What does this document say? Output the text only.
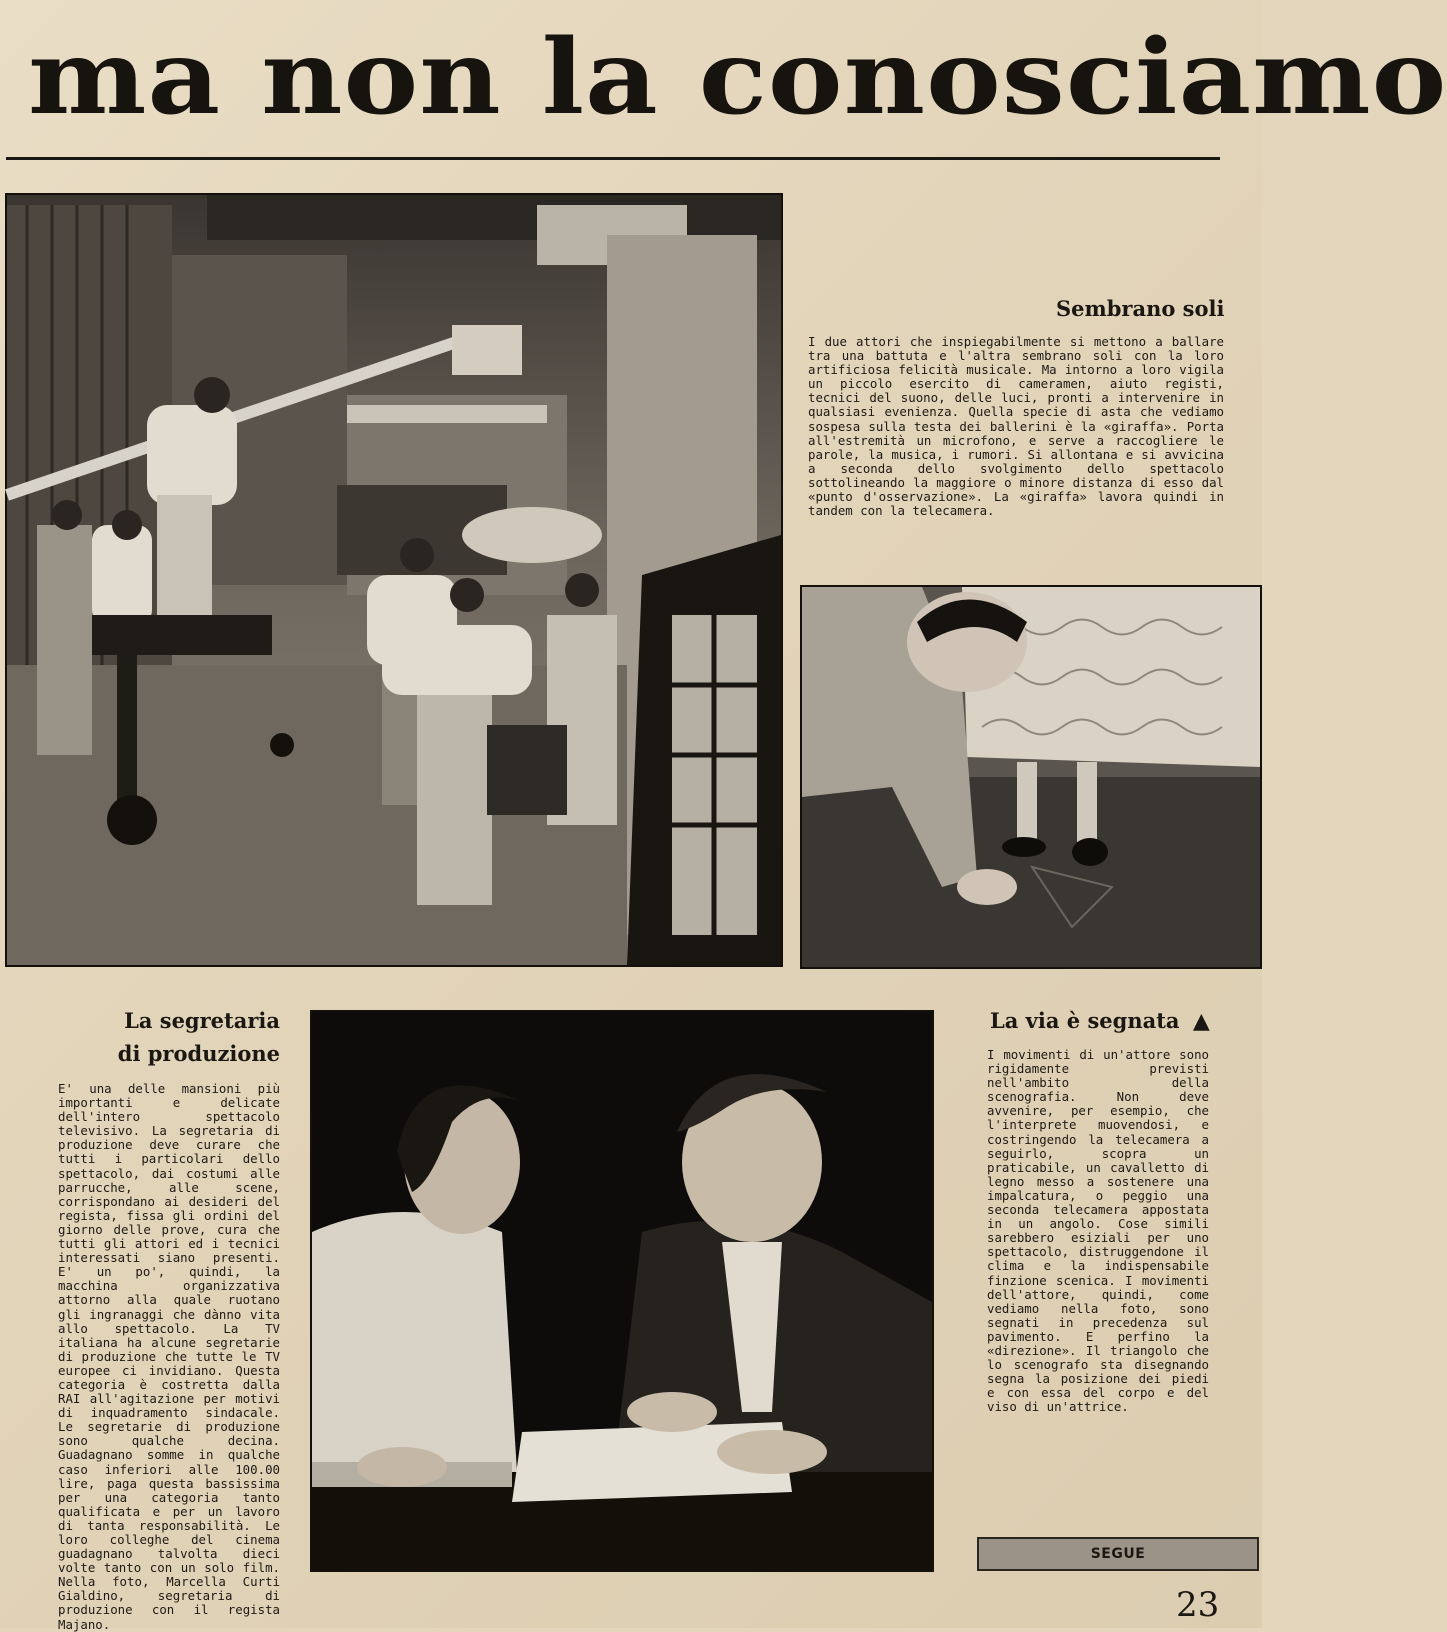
ma non la conosciamo
Sembrano soli

I due attori che inspiegabilmente si mettono a ballare tra una battuta e l'altra sembrano soli con la loro artificiosa felicità musicale. Ma intorno a loro vigila un piccolo esercito di cameramen, aiuto registi, tecnici del suono, delle luci, pronti a intervenire in qualsiasi evenienza. Quella specie di asta che vediamo sospesa sulla testa dei ballerini è la «giraffa». Porta all'estremità un microfono, e serve a raccogliere le parole, la musica, i rumori. Si allontana e si avvicina a seconda dello svolgimento dello spettacolo sottolineando la maggiore o minore distanza di esso dal «punto d'osservazione». La «giraffa» lavora quindi in tandem con la telecamera.

La segretaria
di produzione

E' una delle mansioni più importanti e delicate dell'intero spettacolo televisivo. La segretaria di produzione deve curare che tutti i particolari dello spettacolo, dai costumi alle parrucche, alle scene, corrispondano ai desideri del regista, fissa gli ordini del giorno delle prove, cura che tutti gli attori ed i tecnici interessati siano presenti. E' un po', quindi, la macchina organizzativa attorno alla quale ruotano gli ingranaggi che dànno vita allo spettacolo. La TV italiana ha alcune segretarie di produzione che tutte le TV europee ci invidiano. Questa categoria è costretta dalla RAI all'agitazione per motivi di inquadramento sindacale. Le segretarie di produzione sono qualche decina. Guadagnano somme in qualche caso inferiori alle 100.00 lire, paga questa bassissima per una categoria tanto qualificata e per un lavoro di tanta responsabilità. Le loro colleghe del cinema guadagnano talvolta dieci volte tanto con un solo film. Nella foto, Marcella Curti Gialdino, segretaria di produzione con il regista Majano.

La via è segnata ▲

I movimenti di un'attore sono rigidamente previsti nell'ambito della scenografia. Non deve avvenire, per esempio, che l'interprete muovendosi, e costringendo la telecamera a seguirlo, scopra un praticabile, un cavalletto di legno messo a sostenere una impalcatura, o peggio una seconda telecamera appostata in un angolo. Cose simili sarebbero esiziali per uno spettacolo, distruggendone il clima e la indispensabile finzione scenica. I movimenti dell'attore, quindi, come vediamo nella foto, sono segnati in precedenza sul pavimento. E perfino la «direzione». Il triangolo che lo scenografo sta disegnando segna la posizione dei piedi e con essa del corpo e del viso di un'attrice.

SEGUE
23
